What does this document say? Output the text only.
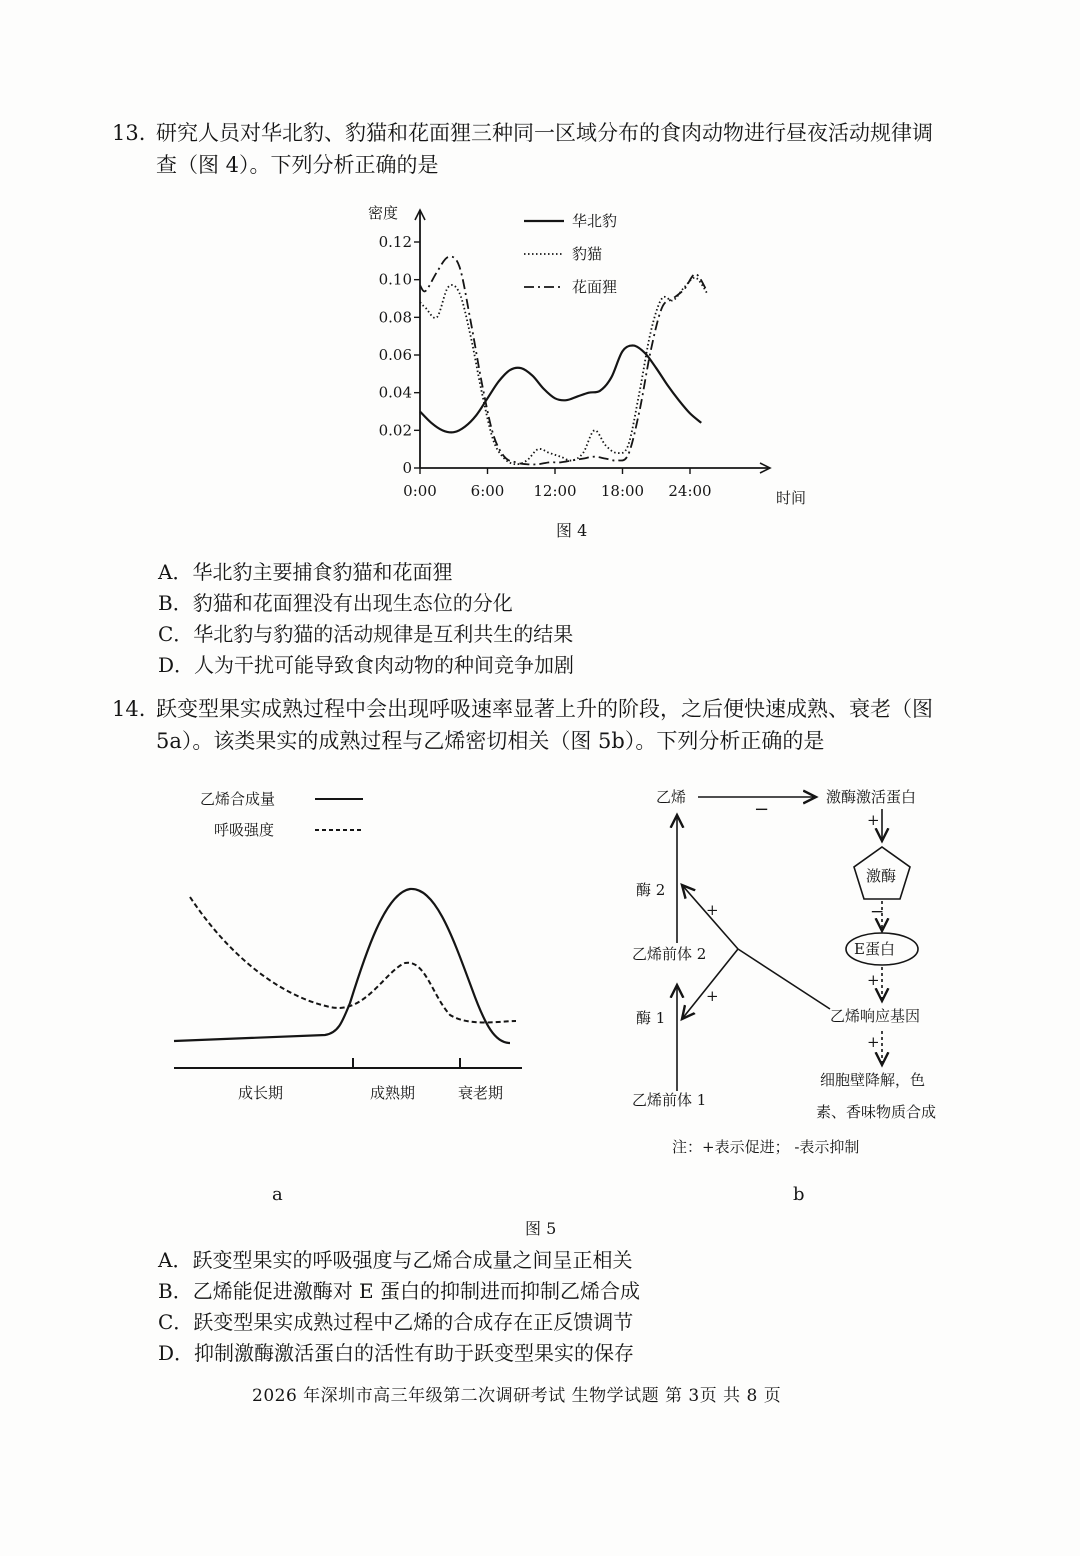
13. 研究人员对华北豹、豹猫和花面狸三种同一区域分布的食肉动物进行昼夜活动规律调
查（图 4）。下列分析正确的是
密度
时间
0
0.02
0.04
0.06
0.08
0.10
0.12
0:00 6:00 12:00 18:00 24:00
华北豹
豹猫
花面狸
图 4
A．华北豹主要捕食豹猫和花面狸
B．豹猫和花面狸没有出现生态位的分化
C．华北豹与豹猫的活动规律是互利共生的结果
D．人为干扰可能导致食肉动物的种间竞争加剧
14. 跃变型果实成熟过程中会出现呼吸速率显著上升的阶段，之后便快速成熟、衰老（图
5a）。该类果实的成熟过程与乙烯密切相关（图 5b）。下列分析正确的是
乙烯合成量
呼吸强度
成长期	成熟期	衰老期
a
乙烯
−
激酶激活蛋白
+
激酶
−
E蛋白
+
乙烯响应基因
+
细胞壁降解，色
素、香味物质合成
乙烯前体 1
乙烯前体 2
酶 1
酶 2
+
+
注：+表示促进； -表示抑制
b
图 5
A．跃变型果实的呼吸强度与乙烯合成量之间呈正相关
B．乙烯能促进激酶对 E 蛋白的抑制进而抑制乙烯合成
C．跃变型果实成熟过程中乙烯的合成存在正反馈调节
D．抑制激酶激活蛋白的活性有助于跃变型果实的保存
2026 年深圳市高三年级第二次调研考试 生物学试题 第 3页 共 8 页
